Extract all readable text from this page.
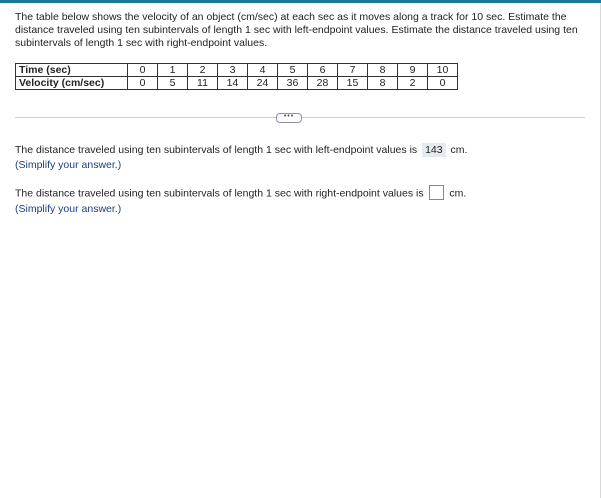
The table below shows the velocity of an object (cm/sec) at each sec as it moves along a track for 10 sec. Estimate the distance traveled using ten subintervals of length 1 sec with left-endpoint values. Estimate the distance traveled using ten subintervals of length 1 sec with right-endpoint values.

Time (sec)	0	1	2	3	4	5	6	7	8	9	10
Velocity (cm/sec)	0	5	11	14	24	36	28	15	8	2	0
•••
The distance traveled using ten subintervals of length 1 sec with left-endpoint values is 143 cm.
(Simplify your answer.)
The distance traveled using ten subintervals of length 1 sec with right-endpoint values is cm.
(Simplify your answer.)
